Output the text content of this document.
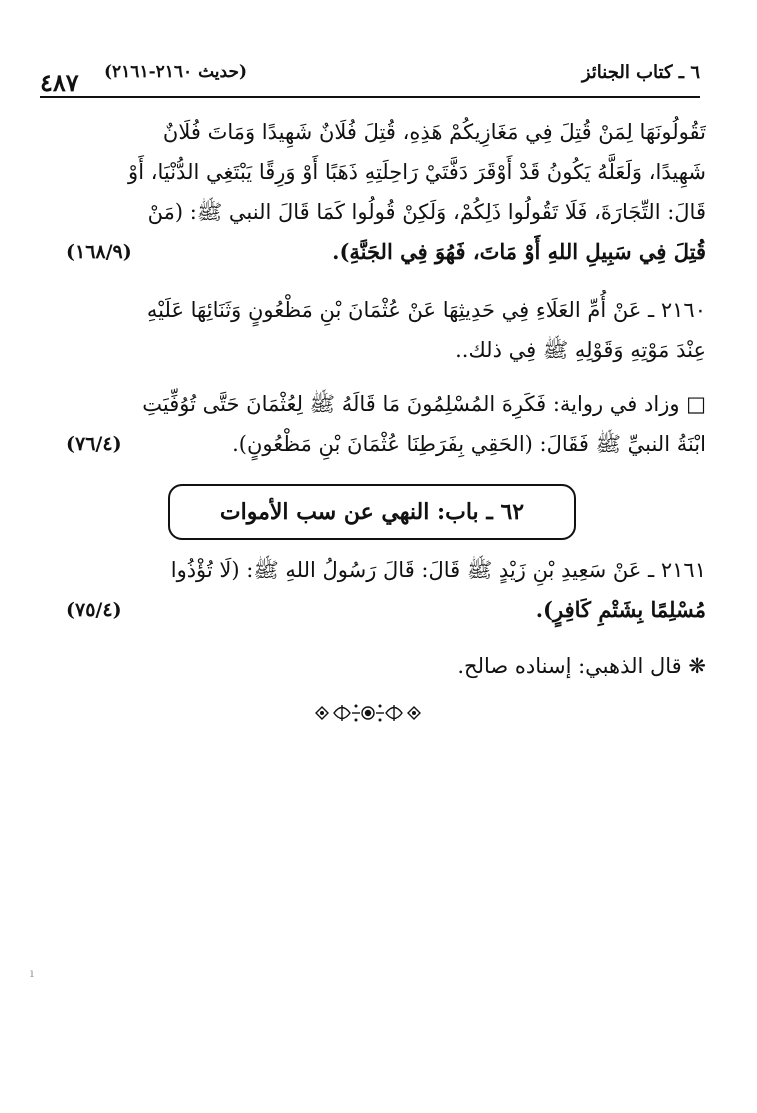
٤٨٧ (حديث ٢١٦٠-٢١٦١)	٦ ـ كتاب الجنائز
تَقُولُونَهَا لِمَنْ قُتِلَ فِي مَغَازِيكُمْ هَذِهِ، قُتِلَ فُلَانٌ شَهِيدًا وَمَاتَ فُلَانٌ
شَهِيدًا، وَلَعَلَّهُ يَكُونُ قَدْ أَوْقَرَ دَفَّتَيْ رَاحِلَتِهِ ذَهَبًا أَوْ وَرِقًا يَبْتَغِي الدُّنْيَا، أَوْ
قَالَ: التِّجَارَةَ، فَلَا تَقُولُوا ذَلِكُمْ، وَلَكِنْ قُولُوا كَمَا قَالَ النبي ﷺ: (مَنْ
قُتِلَ فِي سَبِيلِ اللهِ أَوْ مَاتَ، فَهُوَ فِي الجَنَّةِ).
(١٦٨/٩)
٢١٦٠ ـ عَنْ أُمِّ العَلَاءِ فِي حَدِيثِهَا عَنْ عُثْمَانَ بْنِ مَظْعُونٍ وَثَنَائِهَا عَلَيْهِ
عِنْدَ مَوْتِهِ وَقَوْلِهِ ﷺ فِي ذلك..
□ وزاد في رواية: فَكَرِهَ المُسْلِمُونَ مَا قَالَهُ ﷺ لِعُثْمَانَ حَتَّى تُوُفِّيَتِ
ابْنَةُ النبيِّ ﷺ فَقَالَ: (الحَقِي بِفَرَطِنَا عُثْمَانَ بْنِ مَظْعُونٍ).
(٧٦/٤)
٦٢ ـ باب: النهي عن سب الأموات
٢١٦١ ـ عَنْ سَعِيدِ بْنِ زَيْدٍ ﷺ قَالَ: قَالَ رَسُولُ اللهِ ﷺ: (لَا تُؤْذُوا
مُسْلِمًا بِشَتْمِ كَافِرٍ).
(٧٥/٤)
❋ قال الذهبي: إسناده صالح.
ı
